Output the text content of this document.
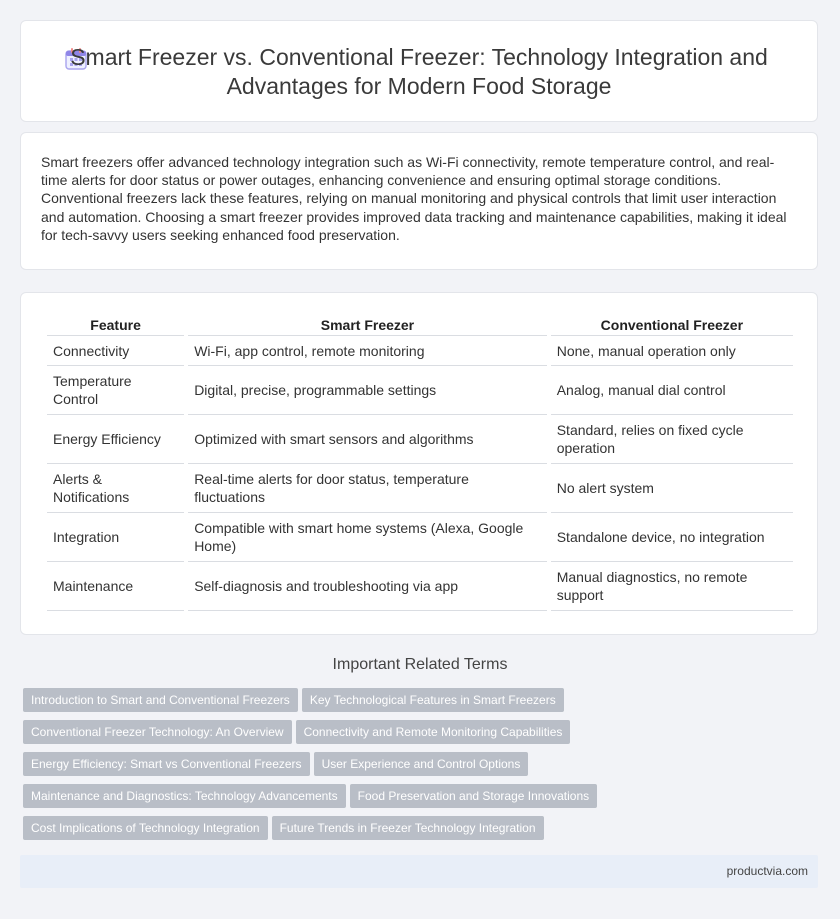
Smart Freezer vs. Conventional Freezer: Technology Integration and Advantages for Modern Food Storage
Smart freezers offer advanced technology integration such as Wi-Fi connectivity, remote temperature control, and real-time alerts for door status or power outages, enhancing convenience and ensuring optimal storage conditions. Conventional freezers lack these features, relying on manual monitoring and physical controls that limit user interaction and automation. Choosing a smart freezer provides improved data tracking and maintenance capabilities, making it ideal for tech-savvy users seeking enhanced food preservation.
Feature	Smart Freezer	Conventional Freezer
Connectivity	Wi-Fi, app control, remote monitoring	None, manual operation only
Temperature Control	Digital, precise, programmable settings	Analog, manual dial control
Energy Efficiency	Optimized with smart sensors and algorithms	Standard, relies on fixed cycle operation
Alerts & Notifications	Real-time alerts for door status, temperature fluctuations	No alert system
Integration	Compatible with smart home systems (Alexa, Google Home)	Standalone device, no integration
Maintenance	Self-diagnosis and troubleshooting via app	Manual diagnostics, no remote support
Important Related Terms
Introduction to Smart and Conventional Freezers Key Technological Features in Smart Freezers
Conventional Freezer Technology: An Overview Connectivity and Remote Monitoring Capabilities
Energy Efficiency: Smart vs Conventional Freezers User Experience and Control Options
Maintenance and Diagnostics: Technology Advancements Food Preservation and Storage Innovations
Cost Implications of Technology Integration Future Trends in Freezer Technology Integration
productvia.com
